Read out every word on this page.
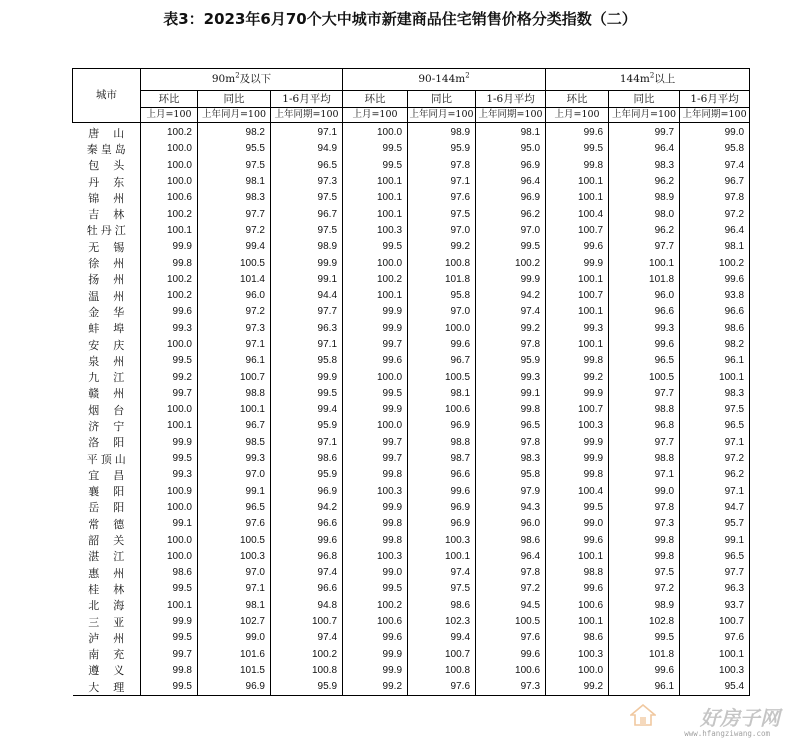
表3：2023年6月70个大中城市新建商品住宅销售价格分类指数（二）
城市	$90m^2$及以下			$90-144m^2$			$144m^2$以上		
	环比	同比	1-6月平均	环比	同比	1-6月平均	环比	同比	1-6月平均
	上月=100	上年同月=100	上年同期=100	上月=100	上年同月=100	上年同期=100	上月=100	上年同月=100	上年同期=100
唐山	100.2	98.2	97.1	100.0	98.9	98.1	99.6	99.7	99.0
秦皇岛	100.0	95.5	94.9	99.5	95.9	95.0	99.5	96.4	95.8
包头	100.0	97.5	96.5	99.5	97.8	96.9	99.8	98.3	97.4
丹东	100.0	98.1	97.3	100.1	97.1	96.4	100.1	96.2	96.7
锦州	100.6	98.3	97.5	100.1	97.6	96.9	100.1	98.9	97.8
吉林	100.2	97.7	96.7	100.1	97.5	96.2	100.4	98.0	97.2
牡丹江	100.1	97.2	97.5	100.3	97.0	97.0	100.7	96.2	96.4
无锡	99.9	99.4	98.9	99.5	99.2	99.5	99.6	97.7	98.1
徐州	99.8	100.5	99.9	100.0	100.8	100.2	99.9	100.1	100.2
扬州	100.2	101.4	99.1	100.2	101.8	99.9	100.1	101.8	99.6
温州	100.2	96.0	94.4	100.1	95.8	94.2	100.7	96.0	93.8
金华	99.6	97.2	97.7	99.9	97.0	97.4	100.1	96.6	96.6
蚌埠	99.3	97.3	96.3	99.9	100.0	99.2	99.3	99.3	98.6
安庆	100.0	97.1	97.1	99.7	99.6	97.8	100.1	99.6	98.2
泉州	99.5	96.1	95.8	99.6	96.7	95.9	99.8	96.5	96.1
九江	99.2	100.7	99.9	100.0	100.5	99.3	99.2	100.5	100.1
赣州	99.7	98.8	99.5	99.5	98.1	99.1	99.9	97.7	98.3
烟台	100.0	100.1	99.4	99.9	100.6	99.8	100.7	98.8	97.5
济宁	100.1	96.7	95.9	100.0	96.9	96.5	100.3	96.8	96.5
洛阳	99.9	98.5	97.1	99.7	98.8	97.8	99.9	97.7	97.1
平顶山	99.5	99.3	98.6	99.7	98.7	98.3	99.9	98.8	97.2
宜昌	99.3	97.0	95.9	99.8	96.6	95.8	99.8	97.1	96.2
襄阳	100.9	99.1	96.9	100.3	99.6	97.9	100.4	99.0	97.1
岳阳	100.0	96.5	94.2	99.9	96.9	94.3	99.5	97.8	94.7
常德	99.1	97.6	96.6	99.8	96.9	96.0	99.0	97.3	95.7
韶关	100.0	100.5	99.6	99.8	100.3	98.6	99.6	99.8	99.1
湛江	100.0	100.3	96.8	100.3	100.1	96.4	100.1	99.8	96.5
惠州	98.6	97.0	97.4	99.0	97.4	97.8	98.8	97.5	97.7
桂林	99.5	97.1	96.6	99.5	97.5	97.2	99.6	97.2	96.3
北海	100.1	98.1	94.8	100.2	98.6	94.5	100.6	98.9	93.7
三亚	99.9	102.7	100.7	100.6	102.3	100.5	100.1	102.8	100.7
泸州	99.5	99.0	97.4	99.6	99.4	97.6	98.6	99.5	97.6
南充	99.7	101.6	100.2	99.9	100.7	99.6	100.3	101.8	100.1
遵义	99.8	101.5	100.8	99.9	100.8	100.6	100.0	99.6	100.3
大理	99.5	96.9	95.9	99.2	97.6	97.3	99.2	96.1	95.4
好房子网
www.hfangziwang.com
